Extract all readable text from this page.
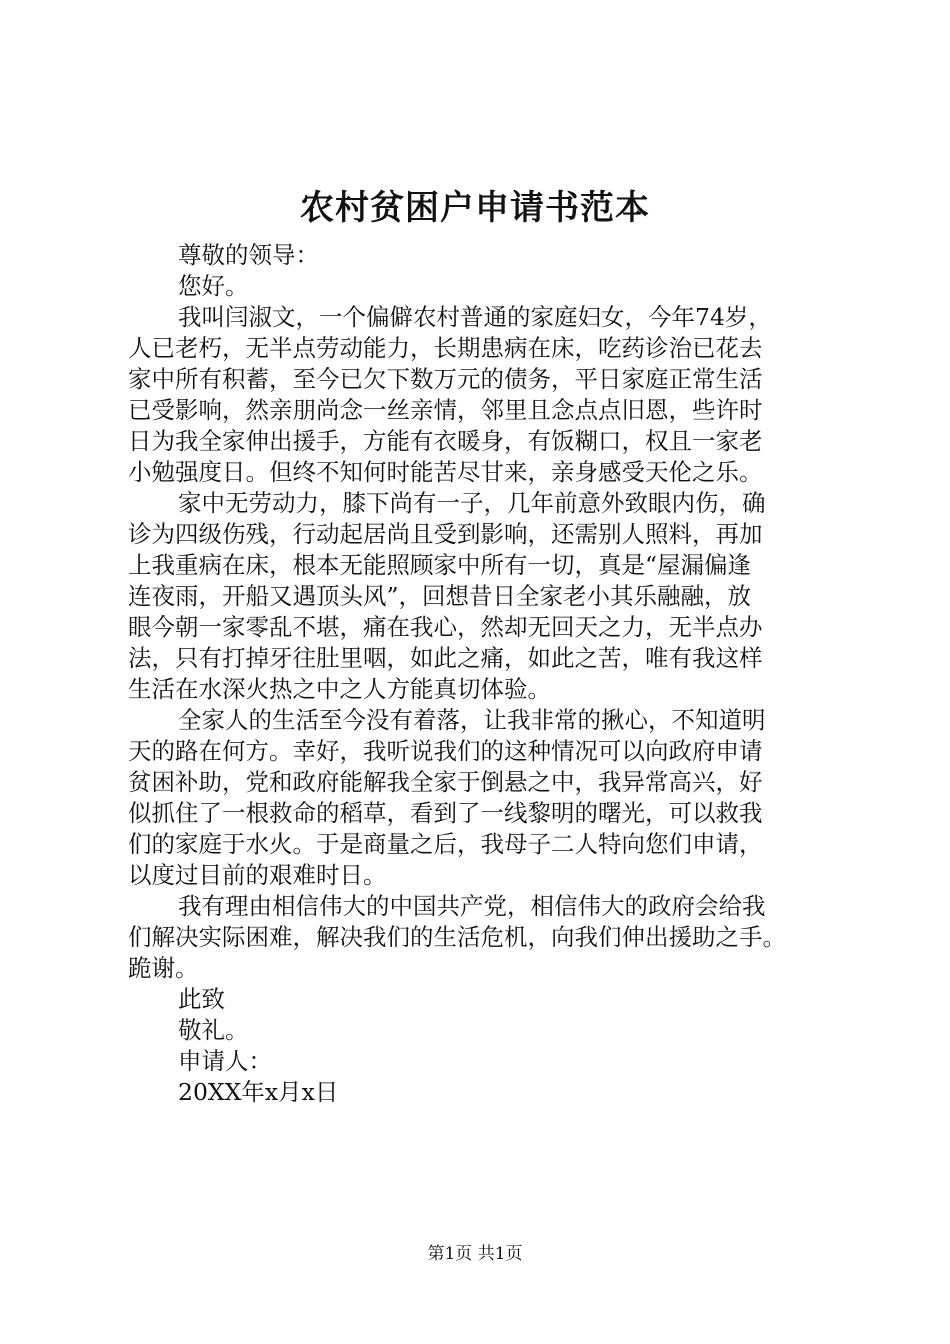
农村贫困户申请书范本
尊敬的领导：
您好。
我叫闫淑文，一个偏僻农村普通的家庭妇女，今年74岁，
人已老朽，无半点劳动能力，长期患病在床，吃药诊治已花去
家中所有积蓄，至今已欠下数万元的债务，平日家庭正常生活
已受影响，然亲朋尚念一丝亲情，邻里且念点点旧恩，些许时
日为我全家伸出援手，方能有衣暖身，有饭糊口，权且一家老
小勉强度日。但终不知何时能苦尽甘来，亲身感受天伦之乐。
家中无劳动力，膝下尚有一子，几年前意外致眼内伤，确
诊为四级伤残，行动起居尚且受到影响，还需别人照料，再加
上我重病在床，根本无能照顾家中所有一切，真是“屋漏偏逢
连夜雨，开船又遇顶头风”，回想昔日全家老小其乐融融，放
眼今朝一家零乱不堪，痛在我心，然却无回天之力，无半点办
法，只有打掉牙往肚里咽，如此之痛，如此之苦，唯有我这样
生活在水深火热之中之人方能真切体验。
全家人的生活至今没有着落，让我非常的揪心，不知道明
天的路在何方。幸好，我听说我们的这种情况可以向政府申请
贫困补助，党和政府能解我全家于倒悬之中，我异常高兴，好
似抓住了一根救命的稻草，看到了一线黎明的曙光，可以救我
们的家庭于水火。于是商量之后，我母子二人特向您们申请，
以度过目前的艰难时日。
我有理由相信伟大的中国共产党，相信伟大的政府会给我
们解决实际困难，解决我们的生活危机，向我们伸出援助之手。
跪谢。
此致
敬礼。
申请人：
20XX年x月x日
第1页 共1页
